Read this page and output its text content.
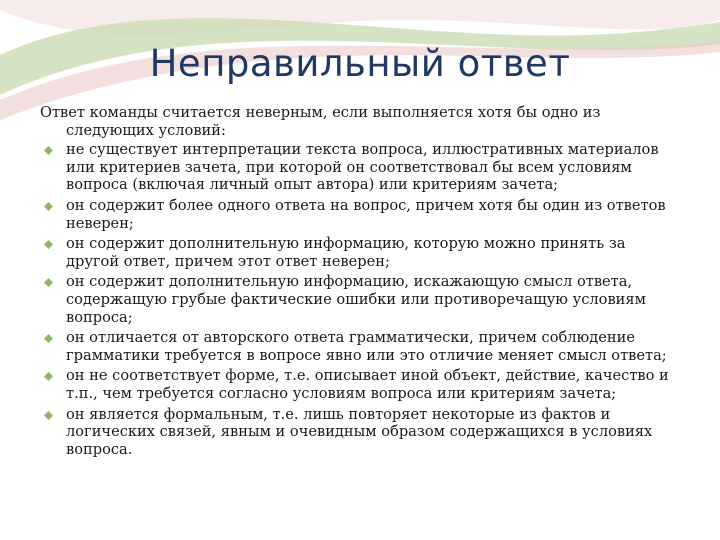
Неправильный ответ

Ответ команды считается неверным, если выполняется хотя бы одно из следующих условий:

не существует интерпретации текста вопроса, иллюстративных материалов или критериев зачета, при которой он соответствовал бы всем условиям вопроса (включая личный опыт автора) или критериям зачета;
он содержит более одного ответа на вопрос, причем хотя бы один из ответов неверен;
он содержит дополнительную информацию, которую можно принять за другой ответ, причем этот ответ неверен;
он содержит дополнительную информацию, искажающую смысл ответа, содержащую грубые фактические ошибки или противоречащую условиям вопроса;
он отличается от авторского ответа грамматически, причем соблюдение грамматики требуется в вопросе явно или это отличие меняет смысл ответа;
он не соответствует форме, т.е. описывает иной объект, действие, качество и т.п., чем требуется согласно условиям вопроса или критериям зачета;
он является формальным, т.е. лишь повторяет некоторые из фактов и логических связей, явным и очевидным образом содержащихся в условиях вопроса.
